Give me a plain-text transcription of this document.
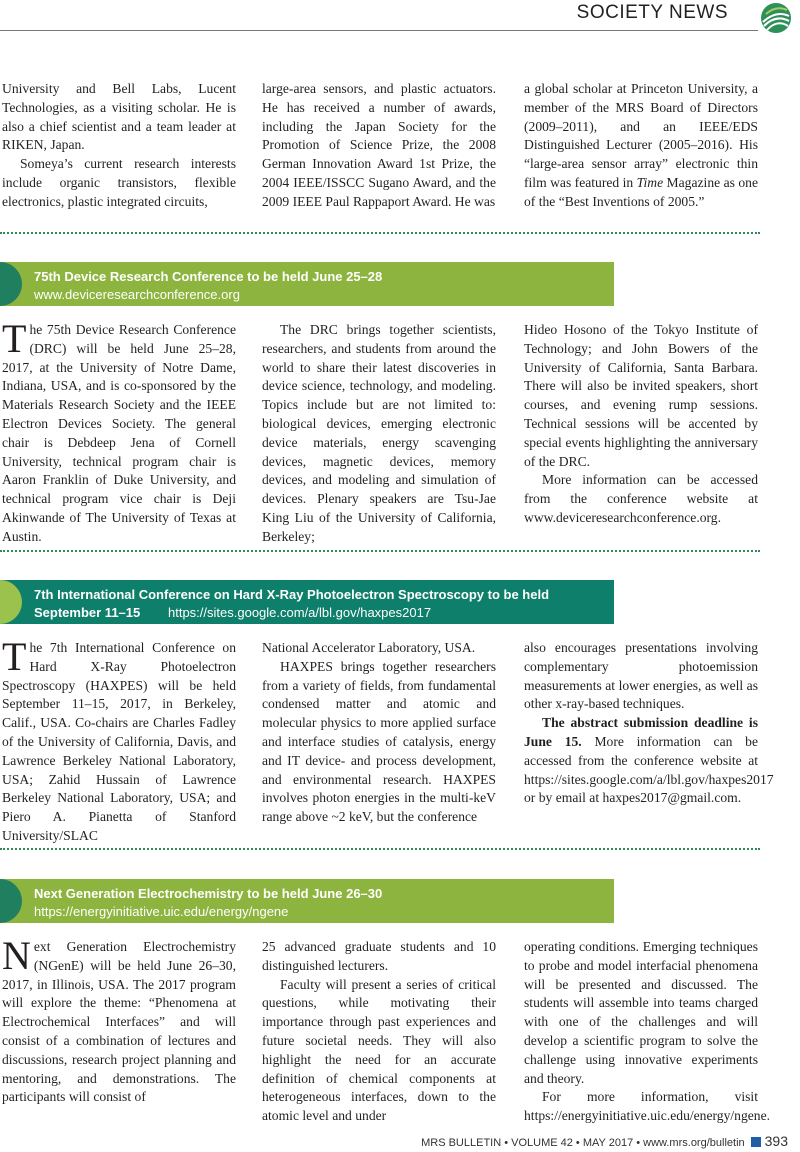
SOCIETY NEWS

University and Bell Labs, Lucent Technologies, as a visiting scholar. He is also a chief scientist and a team leader at RIKEN, Japan.

Someya’s current research interests include organic transistors, flexible electronics, plastic integrated circuits,

large-area sensors, and plastic actuators. He has received a number of awards, including the Japan Society for the Promotion of Science Prize, the 2008 German Innovation Award 1st Prize, the 2004 IEEE/ISSCC Sugano Award, and the 2009 IEEE Paul Rappaport Award. He was

a global scholar at Princeton University, a member of the MRS Board of Directors (2009–2011), and an IEEE/EDS Distinguished Lecturer (2005–2016). His “large-area sensor array” electronic thin film was featured in Time Magazine as one of the “Best Inventions of 2005.”

75th Device Research Conference to be held June 25–28
www.deviceresearchconference.org

The 75th Device Research Conference (DRC) will be held June 25–28, 2017, at the University of Notre Dame, Indiana, USA, and is co-sponsored by the Materials Research Society and the IEEE Electron Devices Society. The general chair is Debdeep Jena of Cornell University, technical program chair is Aaron Franklin of Duke University, and technical program vice chair is Deji Akinwande of The University of Texas at Austin.

The DRC brings together scientists, researchers, and students from around the world to share their latest discoveries in device science, technology, and modeling. Topics include but are not limited to: biological devices, emerging electronic device materials, energy scavenging devices, magnetic devices, memory devices, and modeling and simulation of devices. Plenary speakers are Tsu-Jae King Liu of the University of California, Berkeley;

Hideo Hosono of the Tokyo Institute of Technology; and John Bowers of the University of California, Santa Barbara. There will also be invited speakers, short courses, and evening rump sessions. Technical sessions will be accented by special events highlighting the anniversary of the DRC.

More information can be accessed from the conference website at www.deviceresearchconference.org.

7th International Conference on Hard X-Ray Photoelectron Spectroscopy to be held
September 11–15 https://sites.google.com/a/lbl.gov/haxpes2017

The 7th International Conference on Hard X-Ray Photoelectron Spectroscopy (HAXPES) will be held September 11–15, 2017, in Berkeley, Calif., USA. Co-chairs are Charles Fadley of the University of California, Davis, and Lawrence Berkeley National Laboratory, USA; Zahid Hussain of Lawrence Berkeley National Laboratory, USA; and Piero A. Pianetta of Stanford University/SLAC

National Accelerator Laboratory, USA.

HAXPES brings together researchers from a variety of fields, from fundamental condensed matter and atomic and molecular physics to more applied surface and interface studies of catalysis, energy and IT device- and process development, and environmental research. HAXPES involves photon energies in the multi-keV range above ~2 keV, but the conference

also encourages presentations involving complementary photoemission measurements at lower energies, as well as other x-ray-based techniques.

The abstract submission deadline is June 15. More information can be accessed from the conference website at https://sites.google.com/a/lbl.gov/haxpes2017 or by email at haxpes2017@gmail.com.

Next Generation Electrochemistry to be held June 26–30
https://energyinitiative.uic.edu/energy/ngene

Next Generation Electrochemistry (NGenE) will be held June 26–30, 2017, in Illinois, USA. The 2017 program will explore the theme: “Phenomena at Electrochemical Interfaces” and will consist of a combination of lectures and discussions, research project planning and mentoring, and demonstrations. The participants will consist of

25 advanced graduate students and 10 distinguished lecturers.

Faculty will present a series of critical questions, while motivating their importance through past experiences and future societal needs. They will also highlight the need for an accurate definition of chemical components at heterogeneous interfaces, down to the atomic level and under

operating conditions. Emerging techniques to probe and model interfacial phenomena will be presented and discussed. The students will assemble into teams charged with one of the challenges and will develop a scientific program to solve the challenge using innovative experiments and theory.

For more information, visit https://energyinitiative.uic.edu/energy/ngene.

MRS BULLETIN • VOLUME 42 • MAY 2017 • www.mrs.org/bulletin 393
